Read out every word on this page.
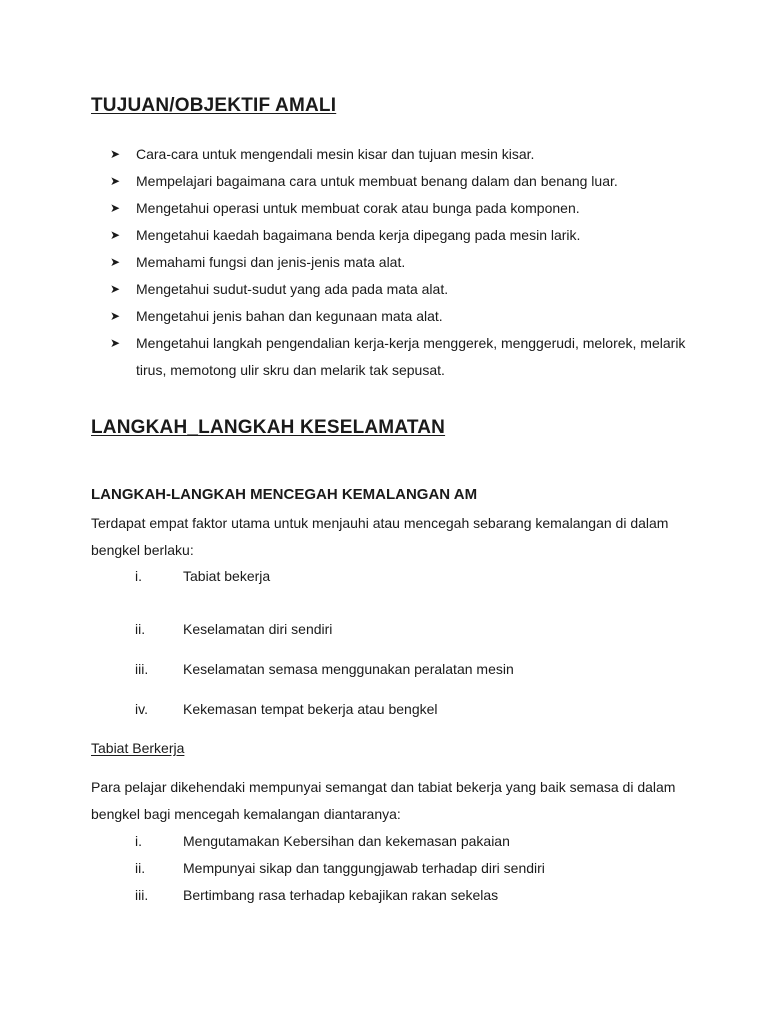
TUJUAN/OBJEKTIF AMALI
➤ Cara-cara untuk mengendali mesin kisar dan tujuan mesin kisar.
➤ Mempelajari bagaimana cara untuk membuat benang dalam dan benang luar.
➤ Mengetahui operasi untuk membuat corak atau bunga pada komponen.
➤ Mengetahui kaedah bagaimana benda kerja dipegang pada mesin larik.
➤ Memahami fungsi dan jenis-jenis mata alat.
➤ Mengetahui sudut-sudut yang ada pada mata alat.
➤ Mengetahui jenis bahan dan kegunaan mata alat.
➤ Mengetahui langkah pengendalian kerja-kerja menggerek, menggerudi, melorek, melarik tirus, memotong ulir skru dan melarik tak sepusat.
LANGKAH_LANGKAH KESELAMATAN
LANGKAH-LANGKAH MENCEGAH KEMALANGAN AM

Terdapat empat faktor utama untuk menjauhi atau mencegah sebarang kemalangan di dalam bengkel berlaku:

i.	Tabiat bekerja
ii.	Keselamatan diri sendiri
iii. Keselamatan semasa menggunakan peralatan mesin
iv.	Kekemasan tempat bekerja atau bengkel
Tabiat Berkerja

Para pelajar dikehendaki mempunyai semangat dan tabiat bekerja yang baik semasa di dalam bengkel bagi mencegah kemalangan diantaranya:

i.	Mengutamakan Kebersihan dan kekemasan pakaian
ii.	Mempunyai sikap dan tanggungjawab terhadap diri sendiri
iii. Bertimbang rasa terhadap kebajikan rakan sekelas
